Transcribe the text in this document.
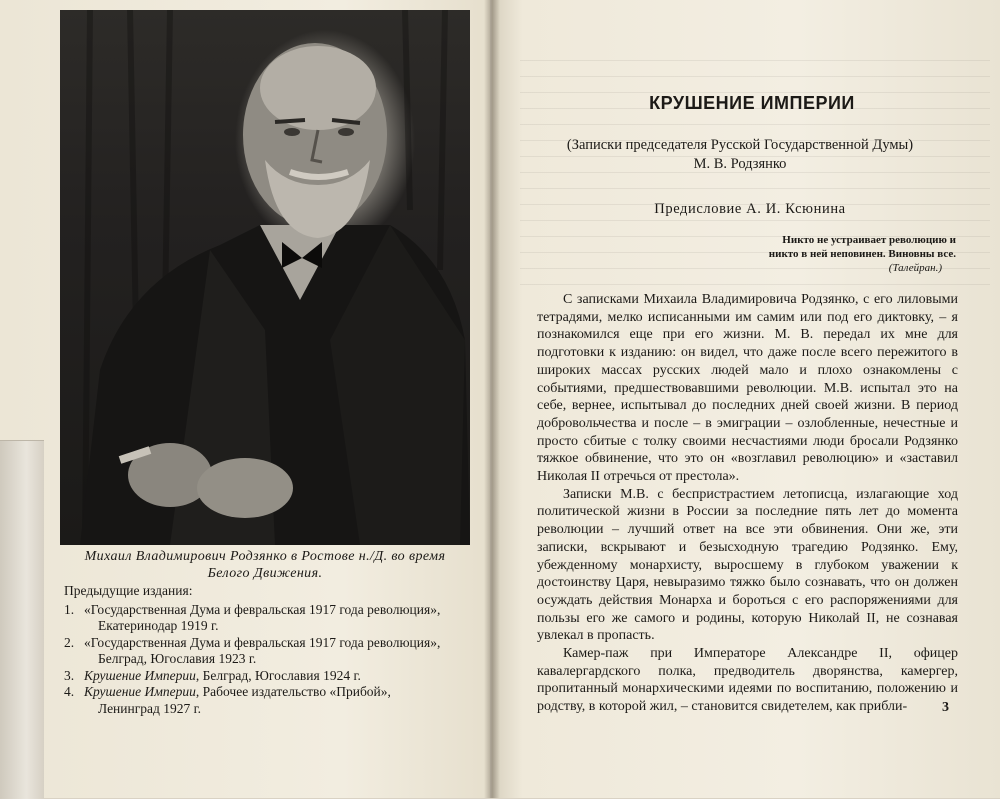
Михаил Владимирович Родзянко в Ростове н./Д. во время
Белого Движения.
Предыдущие издания:

1. «Государственная Дума и февральская 1917 года революция»,
Екатеринодар 1919 г.

2. «Государственная Дума и февральская 1917 года революция»,
Белград, Югославия 1923 г.

3. Крушение Империи, Белград, Югославия 1924 г.

4. Крушение Империи, Рабочее издательство «Прибой»,
Ленинград 1927 г.

КРУШЕНИЕ ИМПЕРИИ
(Записки председателя Русской Государственной Думы)
М. В. Родзянко
Предисловие А. И. Ксюнина
Никто не устраивает революцию и
никто в ней неповинен. Виновны все.
(Талейран.)

С записками Михаила Владимировича Родзянко, с его лиловыми тетрадями, мелко исписанными им самим или под его диктовку, – я познакомился еще при его жизни. М. В. передал их мне для подготовки к изданию: он видел, что даже после всего пережитого в широких массах русских людей мало и плохо ознакомлены с событиями, предшествовавшими революции. М.В. испытал это на себе, вернее, испытывал до последних дней своей жизни. В период добровольчества и после – в эмиграции – озлобленные, нечестные и просто сбитые с толку своими несчастиями люди бросали Родзянко тяжкое обвинение, что это он «возглавил революцию» и «заставил Николая II отречься от престола».

Записки М.В. с беспристрастием летописца, излагающие ход политической жизни в России за последние пять лет до момента революции – лучший ответ на все эти обвинения. Они же, эти записки, вскрывают и безысходную трагедию Родзянко. Ему, убежденному монархисту, выросшему в глубоком уважении к достоинству Царя, невыразимо тяжко было сознавать, что он должен осуждать действия Монарха и бороться с его распоряжениями для пользы его же самого и родины, которую Николай II, не сознавая увлекал в пропасть.

Камер-паж при Императоре Александре II, офицер кавалергардского полка, предводитель дворянства, камергер, пропитанный монархическими идеями по воспитанию, положению и родству, в которой жил, – становится свидетелем, как прибли-	3
